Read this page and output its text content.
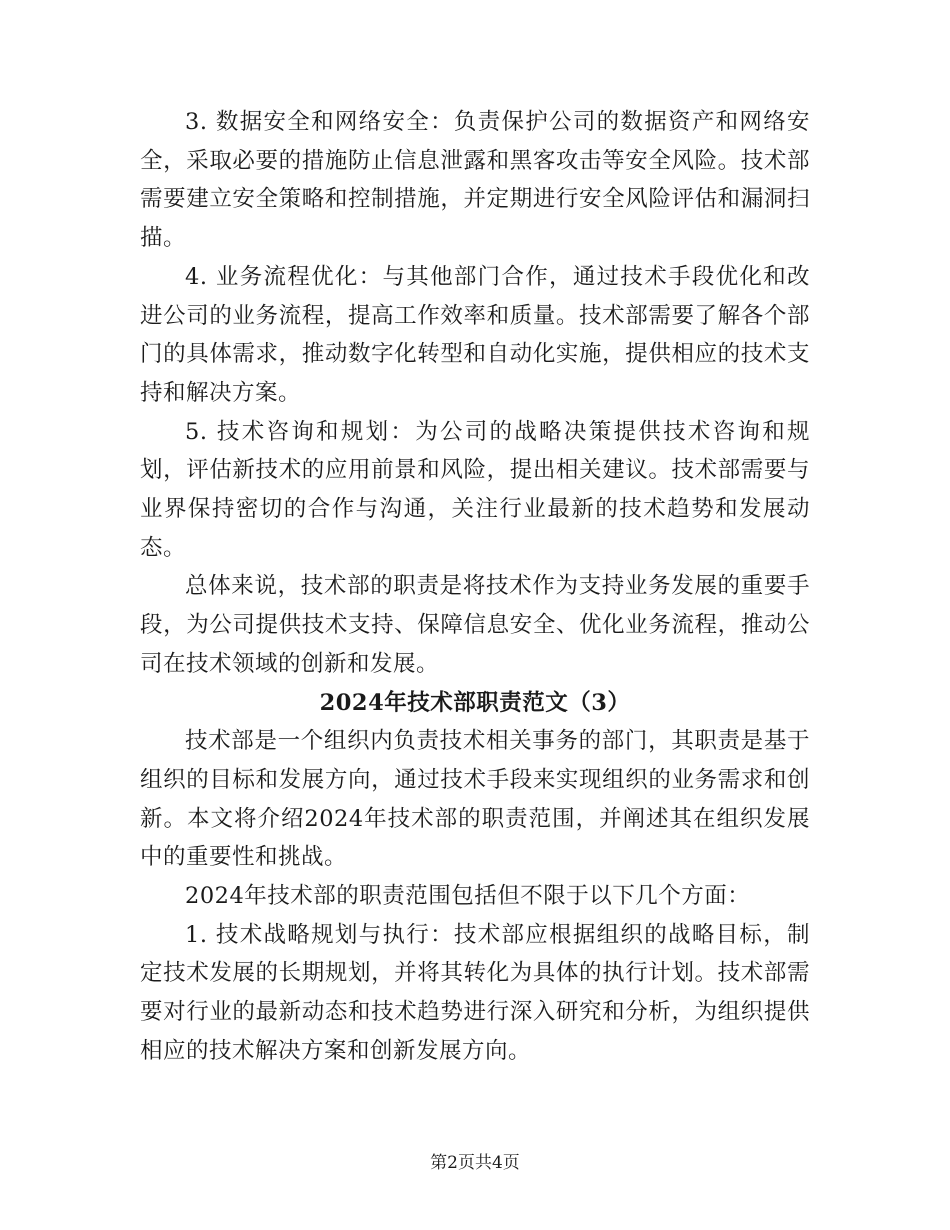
3. 数据安全和网络安全：负责保护公司的数据资产和网络安全，采取必要的措施防止信息泄露和黑客攻击等安全风险。技术部需要建立安全策略和控制措施，并定期进行安全风险评估和漏洞扫描。

4. 业务流程优化：与其他部门合作，通过技术手段优化和改进公司的业务流程，提高工作效率和质量。技术部需要了解各个部门的具体需求，推动数字化转型和自动化实施，提供相应的技术支持和解决方案。

5. 技术咨询和规划：为公司的战略决策提供技术咨询和规划，评估新技术的应用前景和风险，提出相关建议。技术部需要与业界保持密切的合作与沟通，关注行业最新的技术趋势和发展动态。

总体来说，技术部的职责是将技术作为支持业务发展的重要手段，为公司提供技术支持、保障信息安全、优化业务流程，推动公司在技术领域的创新和发展。

2024年技术部职责范文（3）

技术部是一个组织内负责技术相关事务的部门，其职责是基于组织的目标和发展方向，通过技术手段来实现组织的业务需求和创新。本文将介绍2024年技术部的职责范围，并阐述其在组织发展中的重要性和挑战。

2024年技术部的职责范围包括但不限于以下几个方面：

1. 技术战略规划与执行：技术部应根据组织的战略目标，制定技术发展的长期规划，并将其转化为具体的执行计划。技术部需要对行业的最新动态和技术趋势进行深入研究和分析，为组织提供相应的技术解决方案和创新发展方向。

第2页共4页
